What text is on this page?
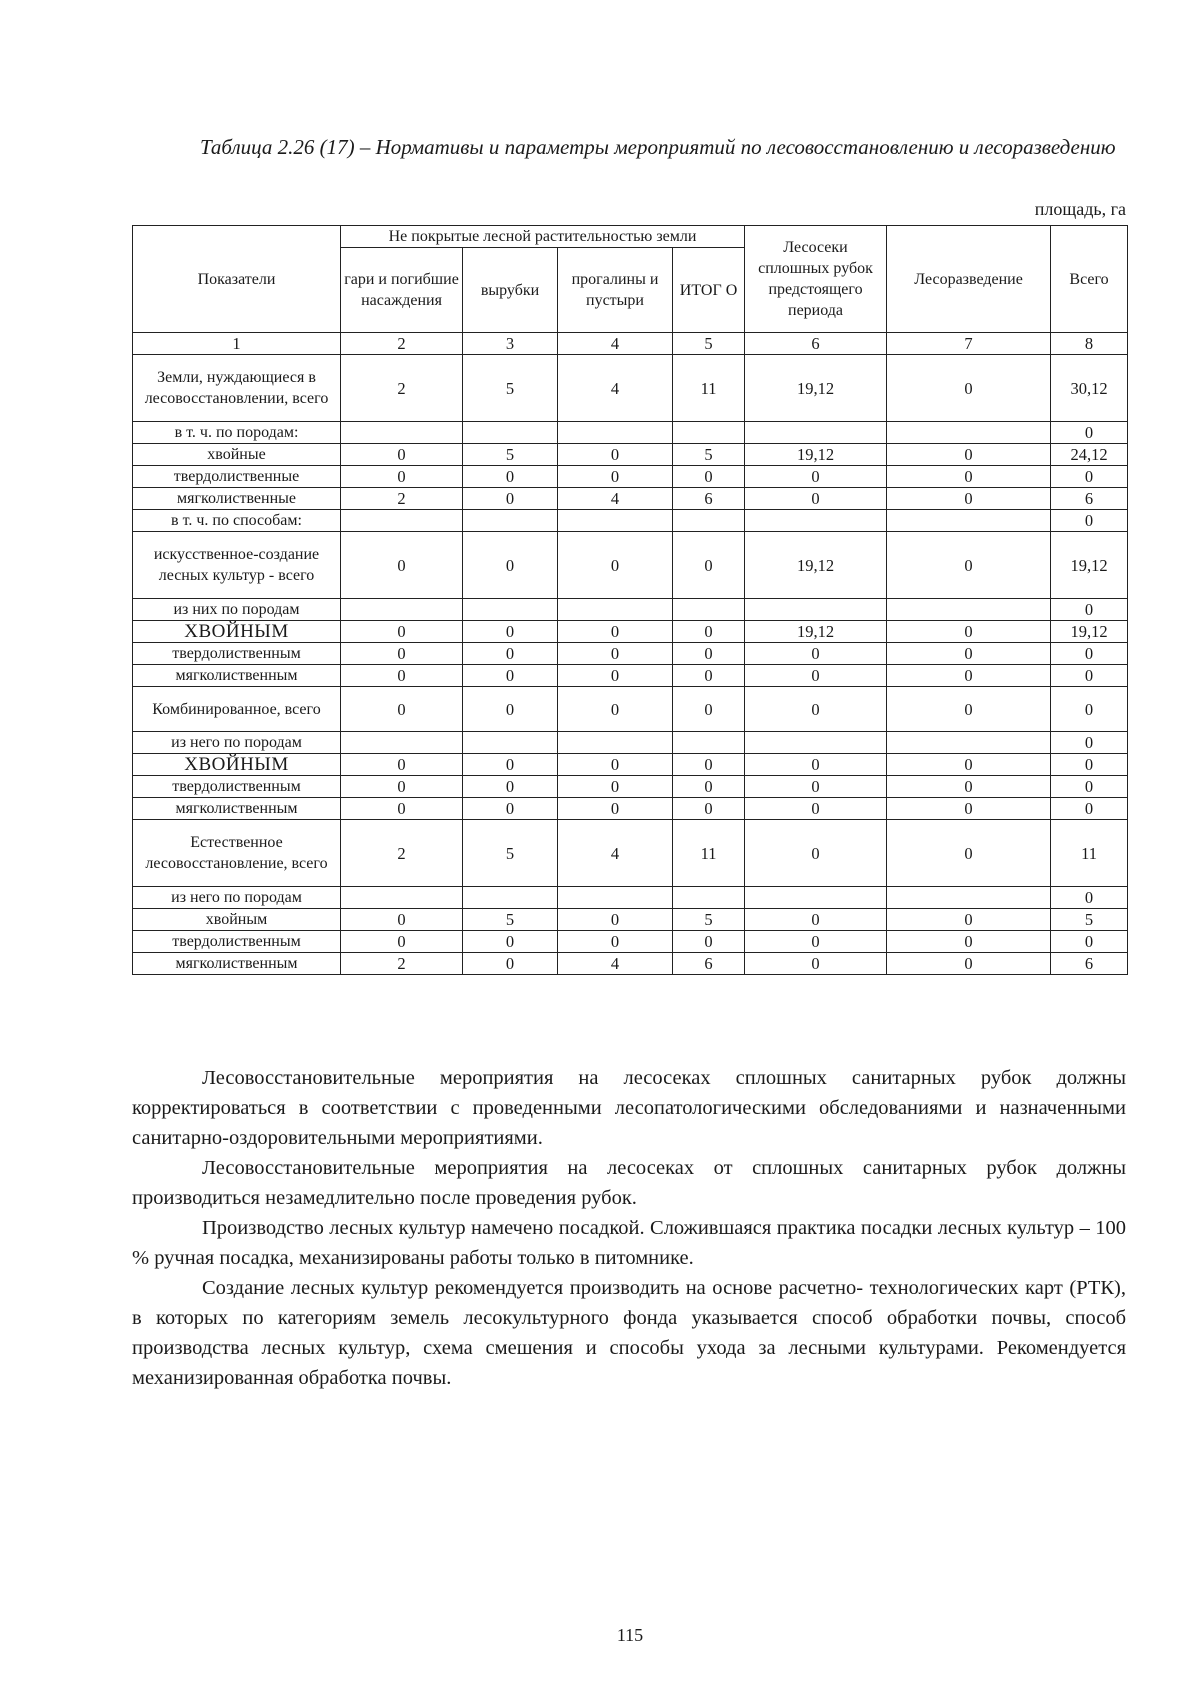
Таблица 2.26 (17) – Нормативы и параметры мероприятий по лесовосстановлению и лесоразведению
площадь, га
Показатели	Не покрытые лесной растительностью земли				Лесосеки сплошных рубок предстоящего периода	Лесоразведение	Всего
	гари и погибшие насаждения	вырубки	прогалины и пустыри	ИТОГ О			
1	2	3	4	5	6	7	8
Земли, нуждающиеся в лесовосстановлении, всего	2	5	4	11	19,12	0	30,12
в т. ч. по породам:							0
хвойные	0	5	0	5	19,12	0	24,12
твердолиственные	0	0	0	0	0	0	0
мягколиственные	2	0	4	6	0	0	6
в т. ч. по способам:							0
искусственное-создание лесных культур - всего	0	0	0	0	19,12	0	19,12
из них по породам							0
ХВОЙНЫМ	0	0	0	0	19,12	0	19,12
твердолиственным	0	0	0	0	0	0	0
мягколиственным	0	0	0	0	0	0	0
Комбинированное, всего	0	0	0	0	0	0	0
из него по породам							0
ХВОЙНЫМ	0	0	0	0	0	0	0
твердолиственным	0	0	0	0	0	0	0
мягколиственным	0	0	0	0	0	0	0
Естественное лесовосстановление, всего	2	5	4	11	0	0	11
из него по породам							0
хвойным	0	5	0	5	0	0	5
твердолиственным	0	0	0	0	0	0	0
мягколиственным	2	0	4	6	0	0	6

Лесовосстановительные мероприятия на лесосеках сплошных санитарных рубок должны корректироваться в соответствии с проведенными лесопатологическими обследованиями и назначенными санитарно-оздоровительными мероприятиями.

Лесовосстановительные мероприятия на лесосеках от сплошных санитарных рубок должны производиться незамедлительно после проведения рубок.

Производство лесных культур намечено посадкой. Сложившаяся практика посадки лесных культур – 100 % ручная посадка, механизированы работы только в питомнике.

Создание лесных культур рекомендуется производить на основе расчетно- технологических карт (РТК), в которых по категориям земель лесокультурного фонда указывается способ обработки почвы, способ производства лесных культур, схема смешения и способы ухода за лесными культурами. Рекомендуется механизированная обработка почвы.

115
